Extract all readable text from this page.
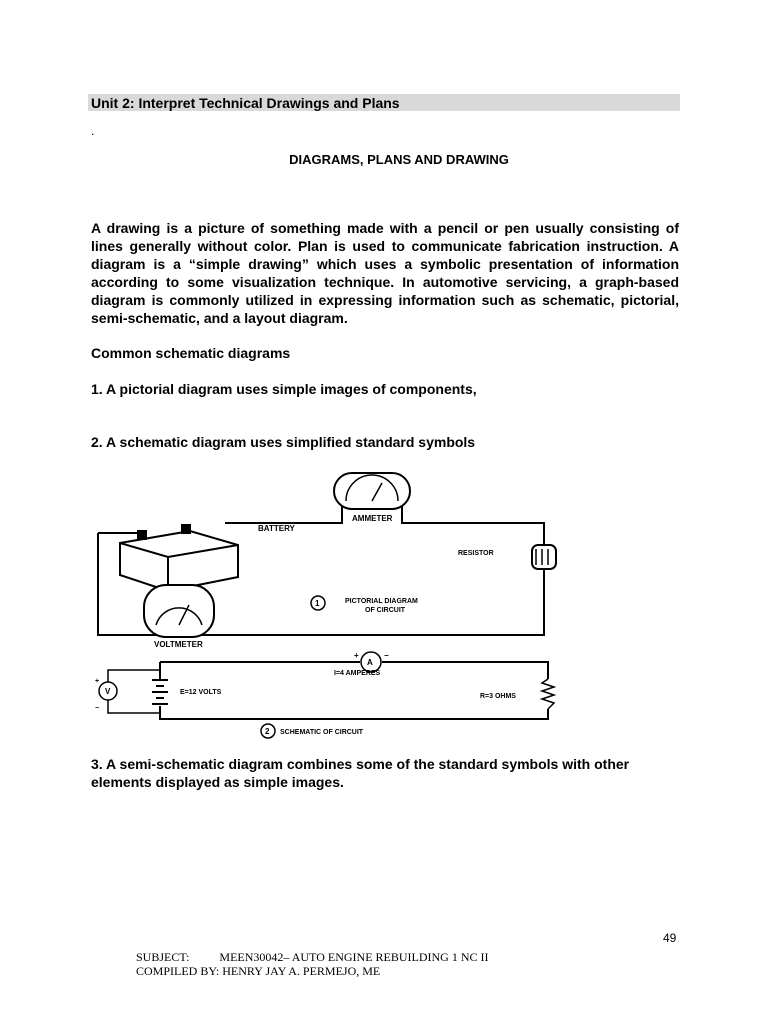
Unit 2: Interpret Technical Drawings and Plans
.
DIAGRAMS, PLANS AND DRAWING
A drawing is a picture of something made with a pencil or pen usually consisting of lines generally without color. Plan is used to communicate fabrication instruction. A diagram is a “simple drawing” which uses a symbolic presentation of information according to some visualization technique. In automotive servicing, a graph-based diagram is commonly utilized in expressing information such as schematic, pictorial, semi-schematic, and a layout diagram.
Common schematic diagrams
1. A pictorial diagram uses simple images of components,
2. A schematic diagram uses simplified standard symbols
BATTERY
AMMETER
RESISTOR
VOLTMETER
1	PICTORIAL DIAGRAM
OF CIRCUIT
A
+	−
I=4 AMPERES
E=12 VOLTS
R=3 OHMS
V
+
−
2 SCHEMATIC OF CIRCUIT
3. A semi-schematic diagram combines some of the standard symbols with other elements displayed as simple images.
49
SUBJECT:	MEEN30042– AUTO ENGINE REBUILDING 1 NC II
COMPILED BY: HENRY JAY A. PERMEJO, ME
